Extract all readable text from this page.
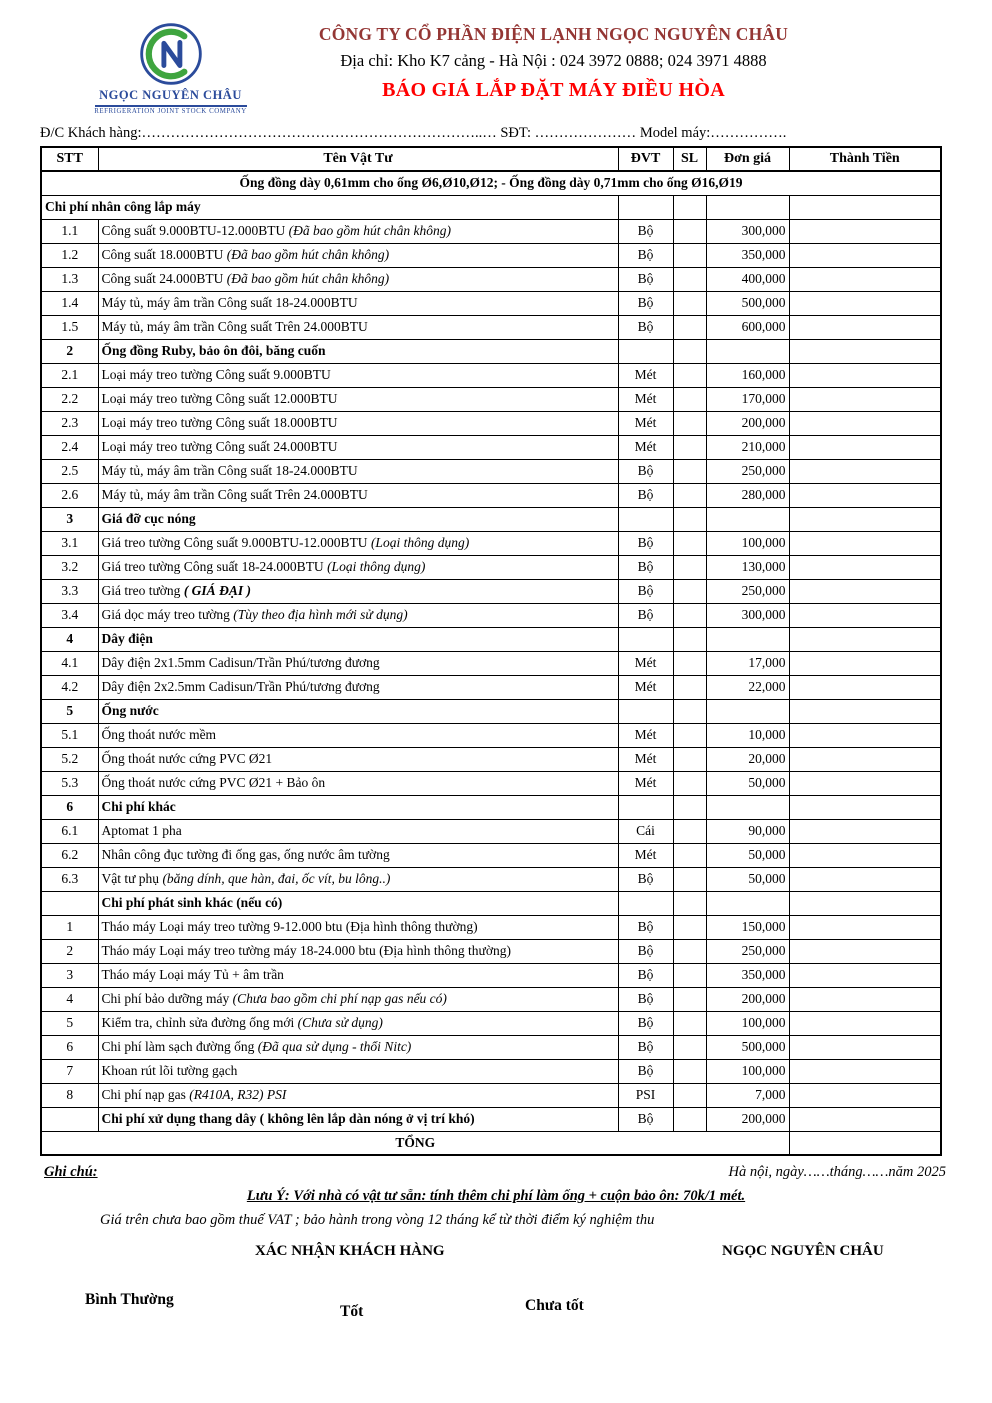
NGỌC NGUYÊN CHÂU
REFRIGERATION JOINT STOCK COMPANY
CÔNG TY CỔ PHẦN ĐIỆN LẠNH NGỌC NGUYÊN CHÂU
Địa chỉ: Kho K7 cảng - Hà Nội : 024 3972 0888; 024 3971 4888
BÁO GIÁ LẮP ĐẶT MÁY ĐIỀU HÒA
Đ/C Khách hàng:……………………………………………………………..… SĐT: ………………… Model máy:…………….
STT	Tên Vật Tư	ĐVT	SL	Đơn giá	Thành Tiền
Ống đồng dày 0,61mm cho ống Ø6,Ø10,Ø12; - Ống đồng dày 0,71mm cho ống Ø16,Ø19					
Chi phí nhân công lắp máy					
1.1	Công suất 9.000BTU-12.000BTU (Đã bao gồm hút chân không)	Bộ		300,000	
1.2	Công suất 18.000BTU (Đã bao gồm hút chân không)	Bộ		350,000	
1.3	Công suất 24.000BTU (Đã bao gồm hút chân không)	Bộ		400,000	
1.4	Máy tủ, máy âm trần Công suất 18-24.000BTU	Bộ		500,000	
1.5	Máy tủ, máy âm trần Công suất Trên 24.000BTU	Bộ		600,000	
2	Ống đồng Ruby, bảo ôn đôi, băng cuốn				
2.1	Loại máy treo tường Công suất 9.000BTU	Mét		160,000	
2.2	Loại máy treo tường Công suất 12.000BTU	Mét		170,000	
2.3	Loại máy treo tường Công suất 18.000BTU	Mét		200,000	
2.4	Loại máy treo tường Công suất 24.000BTU	Mét		210,000	
2.5	Máy tủ, máy âm trần Công suất 18-24.000BTU	Bộ		250,000	
2.6	Máy tủ, máy âm trần Công suất Trên 24.000BTU	Bộ		280,000	
3	Giá đỡ cục nóng				
3.1	Giá treo tường Công suất 9.000BTU-12.000BTU (Loại thông dụng)	Bộ		100,000	
3.2	Giá treo tường Công suất 18-24.000BTU (Loại thông dụng)	Bộ		130,000	
3.3	Giá treo tường ( GIÁ ĐẠI )	Bộ		250,000	
3.4	Giá dọc máy treo tường (Tùy theo địa hình mới sử dụng)	Bộ		300,000	
4	Dây điện				
4.1	Dây điện 2x1.5mm Cadisun/Trần Phú/tương đương	Mét		17,000	
4.2	Dây điện 2x2.5mm Cadisun/Trần Phú/tương đương	Mét		22,000	
5	Ống nước				
5.1	Ống thoát nước mềm	Mét		10,000	
5.2	Ống thoát nước cứng PVC Ø21	Mét		20,000	
5.3	Ống thoát nước cứng PVC Ø21 + Bảo ôn	Mét		50,000	
6	Chi phí khác				
6.1	Aptomat 1 pha	Cái		90,000	
6.2	Nhân công đục tường đi ống gas, ống nước âm tường	Mét		50,000	
6.3	Vật tư phụ (băng dính, que hàn, đai, ốc vít, bu lông..)	Bộ		50,000	
	Chi phí phát sinh khác (nếu có)				
1	Tháo máy Loại máy treo tường 9-12.000 btu (Địa hình thông thường)	Bộ		150,000	
2	Tháo máy Loại máy treo tường máy 18-24.000 btu (Địa hình thông thường)	Bộ		250,000	
3	Tháo máy Loại máy Tủ + âm trần	Bộ		350,000	
4	Chi phí bảo dưỡng máy (Chưa bao gồm chi phí nạp gas nếu có)	Bộ		200,000	
5	Kiểm tra, chỉnh sửa đường ống mới (Chưa sử dụng)	Bộ		100,000	
6	Chi phí làm sạch đường ống (Đã qua sử dụng - thổi Nitc)	Bộ		500,000	
7	Khoan rút lõi tường gạch	Bộ		100,000	
8	Chi phí nạp gas (R410A, R32) PSI	PSI		7,000	
	Chi phí xử dụng thang dây ( không lên lắp dàn nóng ở vị trí khó)	Bộ		200,000	
TỔNG					
Ghi chú:	Hà nội, ngày……tháng……năm 2025
Lưu Ý: Với nhà có vật tư sẵn: tính thêm chi phí làm ống + cuộn bảo ôn: 70k/1 mét.
Giá trên chưa bao gồm thuế VAT ; bảo hành trong vòng 12 tháng kể từ thời điểm ký nghiệm thu
XÁC NHẬN KHÁCH HÀNG	NGỌC NGUYÊN CHÂU
Bình Thường
Tốt	Chưa tốt
